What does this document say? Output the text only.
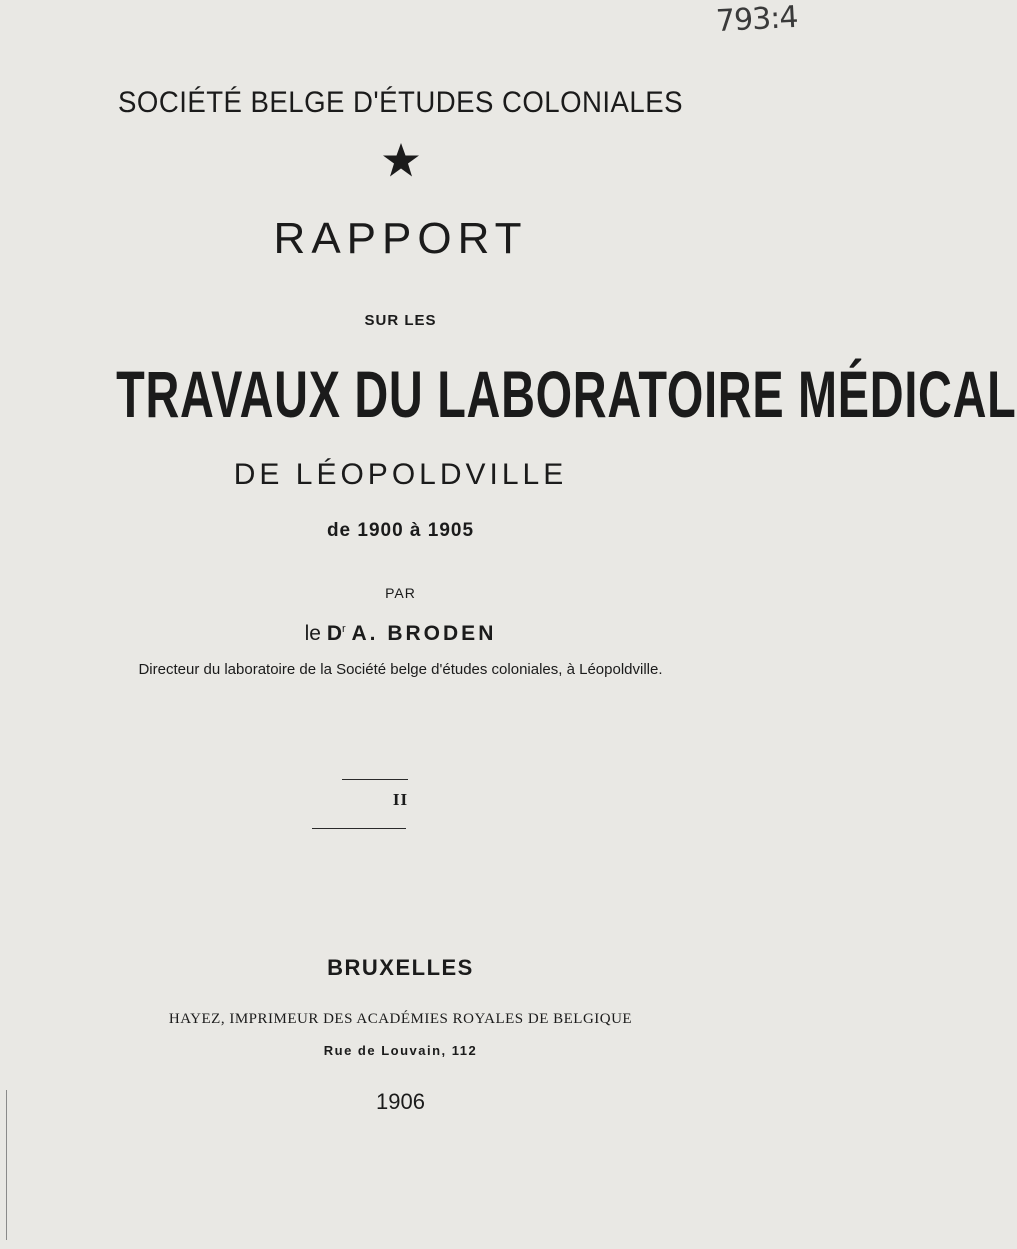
793:4
SOCIÉTÉ BELGE D'ÉTUDES COLONIALES
RAPPORT
SUR LES
TRAVAUX DU LABORATOIRE MÉDICAL
DE LÉOPOLDVILLE
de 1900 à 1905
PAR
le $D^r$ A. BRODEN
Directeur du laboratoire de la Société belge d'études coloniales, à Léopoldville.
II
BRUXELLES
HAYEZ, IMPRIMEUR DES ACADÉMIES ROYALES DE BELGIQUE
Rue de Louvain, 112
1906
